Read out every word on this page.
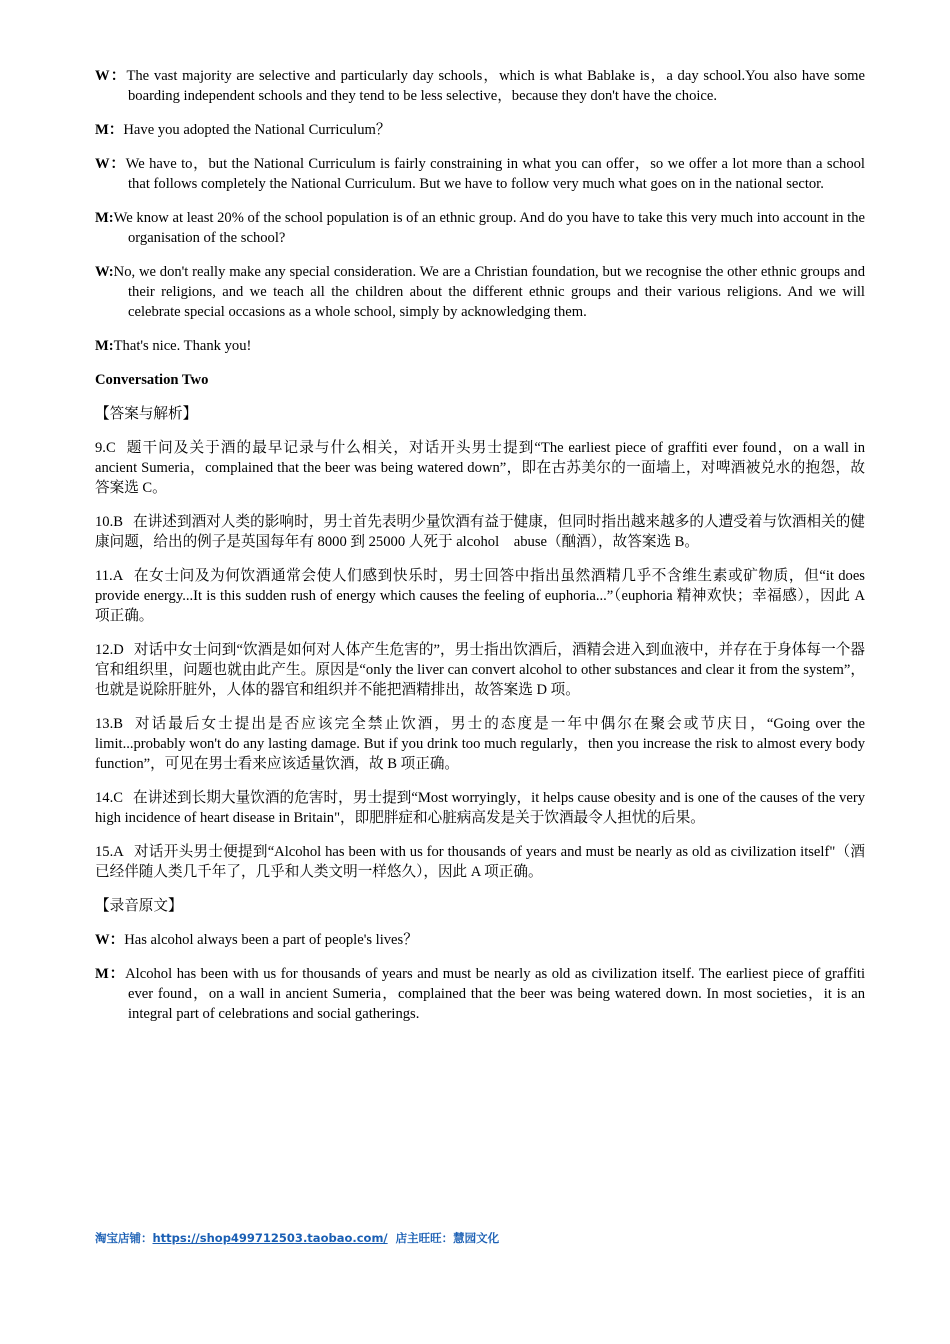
W：The vast majority are selective and particularly day schools，which is what Bablake is，a day school.You also have some boarding independent schools and they tend to be less selective，because they don't have the choice.
M：Have you adopted the National Curriculum？
W：We have to，but the National Curriculum is fairly constraining in what you can offer，so we offer a lot more than a school that follows completely the National Curriculum. But we have to follow very much what goes on in the national sector.
M:We know at least 20% of the school population is of an ethnic group. And do you have to take this very much into account in the organisation of the school?
W:No, we don't really make any special consideration. We are a Christian foundation, but we recognise the other ethnic groups and their religions, and we teach all the children about the different ethnic groups and their various religions. And we will celebrate special occasions as a whole school, simply by acknowledging them.
M:That's nice. Thank you!
Conversation Two
【答案与解析】
9.C 题干问及关于酒的最早记录与什么相关，对话开头男士提到“The earliest piece of graffiti ever found，on a wall in ancient Sumeria，complained that the beer was being watered down”，即在古苏美尔的一面墙上，对啤酒被兑水的抱怨，故答案选 C。
10.B 在讲述到酒对人类的影响时，男士首先表明少量饮酒有益于健康，但同时指出越来越多的人遭受着与饮酒相关的健康问题，给出的例子是英国每年有 8000 到 25000 人死于 alcohol　abuse（酗酒），故答案选 B。
11.A 在女士问及为何饮酒通常会使人们感到快乐时，男士回答中指出虽然酒精几乎不含维生素或矿物质，但“it does provide energy...It is this sudden rush of energy which causes the feeling of euphoria...”（euphoria 精神欢快；幸福感），因此 A 项正确。
12.D 对话中女士问到“饮酒是如何对人体产生危害的”，男士指出饮酒后，酒精会进入到血液中，并存在于身体每一个器官和组织里，问题也就由此产生。原因是“only the liver can convert alcohol to other substances and clear it from the system”，也就是说除肝脏外，人体的器官和组织并不能把酒精排出，故答案选 D 项。
13.B 对话最后女士提出是否应该完全禁止饮酒，男士的态度是一年中偶尔在聚会或节庆日，“Going over the limit...probably won't do any lasting damage. But if you drink too much regularly，then you increase the risk to almost every body function”，可见在男士看来应该适量饮酒，故 B 项正确。
14.C 在讲述到长期大量饮酒的危害时，男士提到“Most worryingly，it helps cause obesity and is one of the causes of the very high incidence of heart disease in Britain"，即肥胖症和心脏病高发是关于饮酒最令人担忧的后果。
15.A 对话开头男士便提到“Alcohol has been with us for thousands of years and must be nearly as old as civilization itself"（酒已经伴随人类几千年了，几乎和人类文明一样悠久），因此 A 项正确。
【录音原文】
W：Has alcohol always been a part of people's lives？
M：Alcohol has been with us for thousands of years and must be nearly as old as civilization itself. The earliest piece of graffiti ever found，on a wall in ancient Sumeria，complained that the beer was being watered down. In most societies，it is an integral part of celebrations and social gatherings.
淘宝店铺：https://shop499712503.taobao.com/ 店主旺旺：慧园文化
